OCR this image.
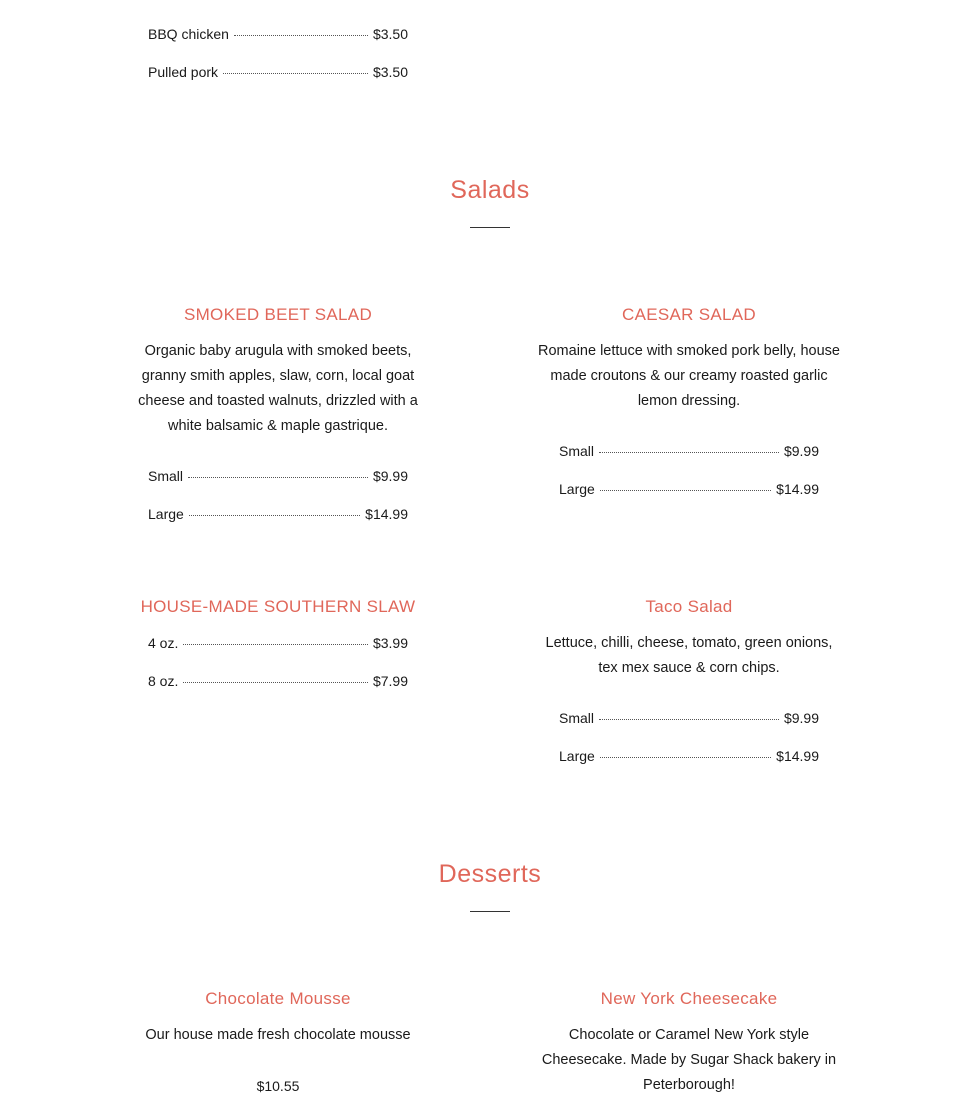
BBQ chicken	$3.50
Pulled pork	$3.50
Salads
SMOKED BEET SALAD
Organic baby arugula with smoked beets, granny smith apples, slaw, corn, local goat cheese and toasted walnuts, drizzled with a white balsamic & maple gastrique.
Small	$9.99
Large	$14.99
CAESAR SALAD
Romaine lettuce with smoked pork belly, house made croutons & our creamy roasted garlic lemon dressing.
Small	$9.99
Large	$14.99
HOUSE-MADE SOUTHERN SLAW
4 oz.	$3.99
8 oz.	$7.99
Taco Salad
Lettuce, chilli, cheese, tomato, green onions, tex mex sauce & corn chips.
Small	$9.99
Large	$14.99
Desserts
Chocolate Mousse
Our house made fresh chocolate mousse
$10.55
New York Cheesecake
Chocolate or Caramel New York style Cheesecake. Made by Sugar Shack bakery in Peterborough!
